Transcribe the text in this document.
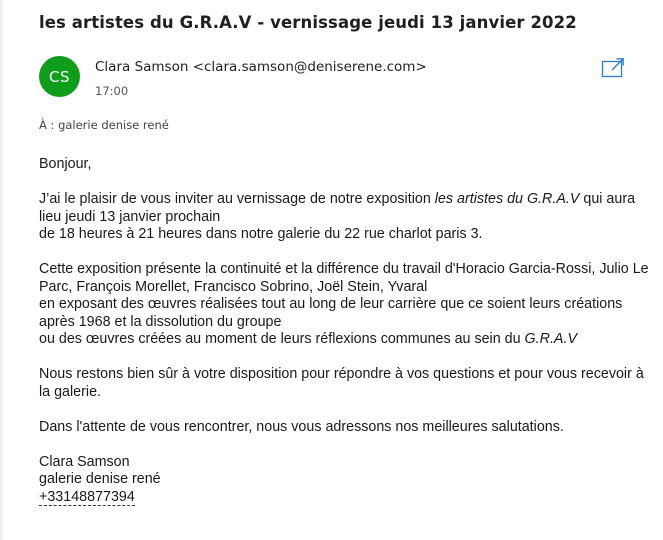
les artistes du G.R.A.V - vernissage jeudi 13 janvier 2022
CS
Clara Samson <clara.samson@deniserene.com>
17:00
À : galerie denise rené

Bonjour,

J’ai le plaisir de vous inviter au vernissage de notre exposition les artistes du G.R.A.V qui aura lieu jeudi 13 janvier prochain
de 18 heures à 21 heures dans notre galerie du 22 rue charlot paris 3.

Cette exposition présente la continuité et la différence du travail d'Horacio Garcia-Rossi, Julio Le Parc, François Morellet, Francisco Sobrino, Joël Stein, Yvaral
en exposant des œuvres réalisées tout au long de leur carrière que ce soient leurs créations après 1968 et la dissolution du groupe
ou des œuvres créées au moment de leurs réflexions communes au sein du G.R.A.V

Nous restons bien sûr à votre disposition pour répondre à vos questions et pour vous recevoir à la galerie.

Dans l'attente de vous rencontrer, nous vous adressons nos meilleures salutations.

Clara Samson
galerie denise rené
+33148877394
